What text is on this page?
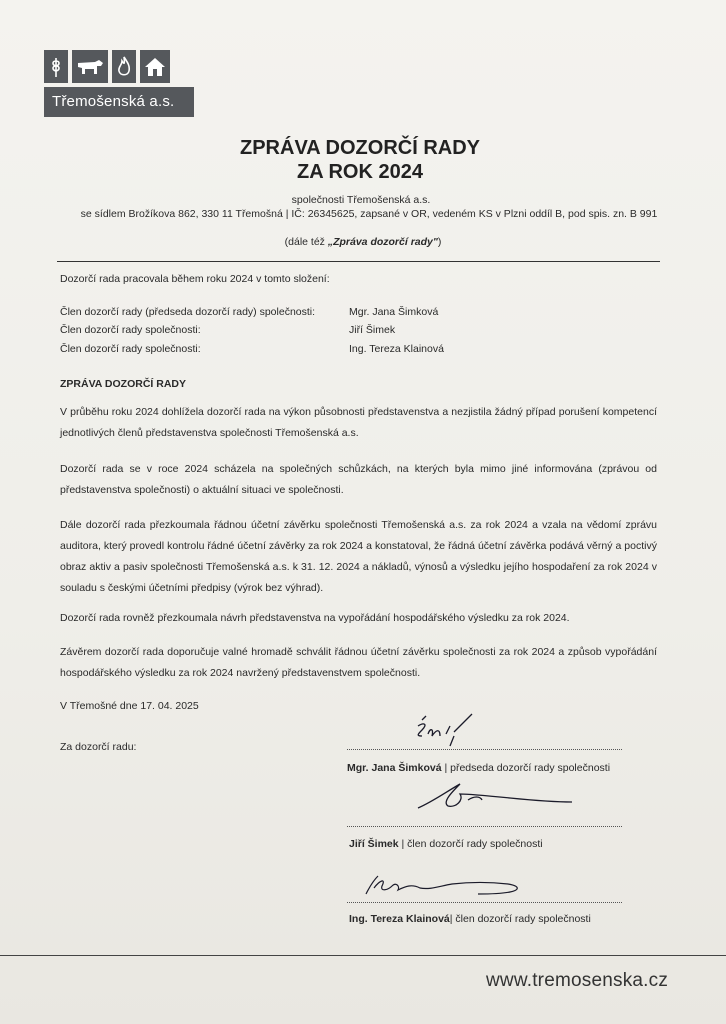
Třemošenská a.s.
ZPRÁVA DOZORČÍ RADY
ZA ROK 2024
společnosti Třemošenská a.s.
se sídlem Brožíkova 862, 330 11 Třemošná | IČ: 26345625, zapsané v OR, vedeném KS v Plzni oddíl B, pod spis. zn. B 991
(dále též „Zpráva dozorčí rady")
Dozorčí rada pracovala během roku 2024 v tomto složení:
Člen dozorčí rady (předseda dozorčí rady) společnosti:	Mgr. Jana Šimková
Člen dozorčí rady společnosti:	Jiří Šimek
Člen dozorčí rady společnosti:	Ing. Tereza Klainová
ZPRÁVA DOZORČÍ RADY
V průběhu roku 2024 dohlížela dozorčí rada na výkon působnosti představenstva a nezjistila žádný případ porušení kompetencí jednotlivých členů představenstva společnosti Třemošenská a.s.
Dozorčí rada se v roce 2024 scházela na společných schůzkách, na kterých byla mimo jiné informována (zprávou od představenstva společnosti) o aktuální situaci ve společnosti.
Dále dozorčí rada přezkoumala řádnou účetní závěrku společnosti Třemošenská a.s. za rok 2024 a vzala na vědomí zprávu auditora, který provedl kontrolu řádné účetní závěrky za rok 2024 a konstatoval, že řádná účetní závěrka podává věrný a poctivý obraz aktiv a pasiv společnosti Třemošenská a.s. k 31. 12. 2024 a nákladů, výnosů a výsledku jejího hospodaření za rok 2024 v souladu s českými účetními předpisy (výrok bez výhrad).
Dozorčí rada rovněž přezkoumala návrh představenstva na vypořádání hospodářského výsledku za rok 2024.
Závěrem dozorčí rada doporučuje valné hromadě schválit řádnou účetní závěrku společnosti za rok 2024 a způsob vypořádání hospodářského výsledku za rok 2024 navržený představenstvem společnosti.
V Třemošné dne 17. 04. 2025
Za dozorčí radu:
Mgr. Jana Šimková | předseda dozorčí rady společnosti
Jiří Šimek | člen dozorčí rady společnosti
Ing. Tereza Klainová| člen dozorčí rady společnosti
www.tremosenska.cz
